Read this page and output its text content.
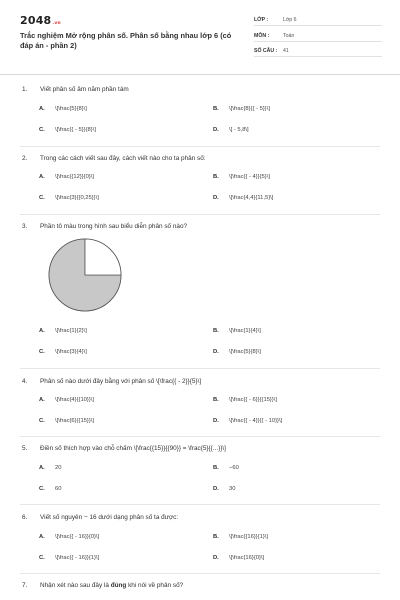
2048.vn
Trắc nghiệm Mở rộng phân số. Phân số bằng nhau lớp 6 (có đáp án - phần 2)
LỚP :	Lớp 6
MÔN :	Toán
SỐ CÂU : 41
1. Viết phân số âm năm phần tám
A. \[\frac{5}{8}\]	B. \[\frac{8}{{ - 5}}\]
C. \[\frac{{ - 5}}{8}\]	D. \[ - 5,8\]
2. Trong các cách viết sau đây, cách viết nào cho ta phân số:
A. \[\frac{{12}}{0}\]	B. \[\frac{{ - 4}}{5}\]
C. \[\frac{3}{{0,25}}\]	D. \[\frac{4,4}{11,5}\]
3. Phần tô màu trong hình sau biểu diễn phân số nào?
A. \[\frac{1}{2}\]	B. \[\frac{1}{4}\]
C. \[\frac{3}{4}\]	D. \[\frac{5}{8}\]
4. Phân số nào dưới đây bằng với phân số \[\frac{{ - 2}}{5}\]
A. \[\frac{4}{{10}}\]	B. \[\frac{{ - 6}}{{15}}\]
C. \[\frac{6}{{15}}\]	D. \[\frac{{ - 4}}{{ - 10}}\]
5. Điền số thích hợp vào chỗ chấm \[\frac{{15}}{{90}} = \frac{5}{{...}}\]
A. 20	B. −60
C. 60	D. 30
6. Viết số nguyên − 16 dưới dạng phân số ta được:
A. \[\frac{{ - 16}}{0}\]	B. \[\frac{{16}}{1}\]
C. \[\frac{{ - 16}}{1}\]	D. \[\frac{16}{0}\]
7. Nhận xét nào sau đây là đúng khi nói về phân số?
